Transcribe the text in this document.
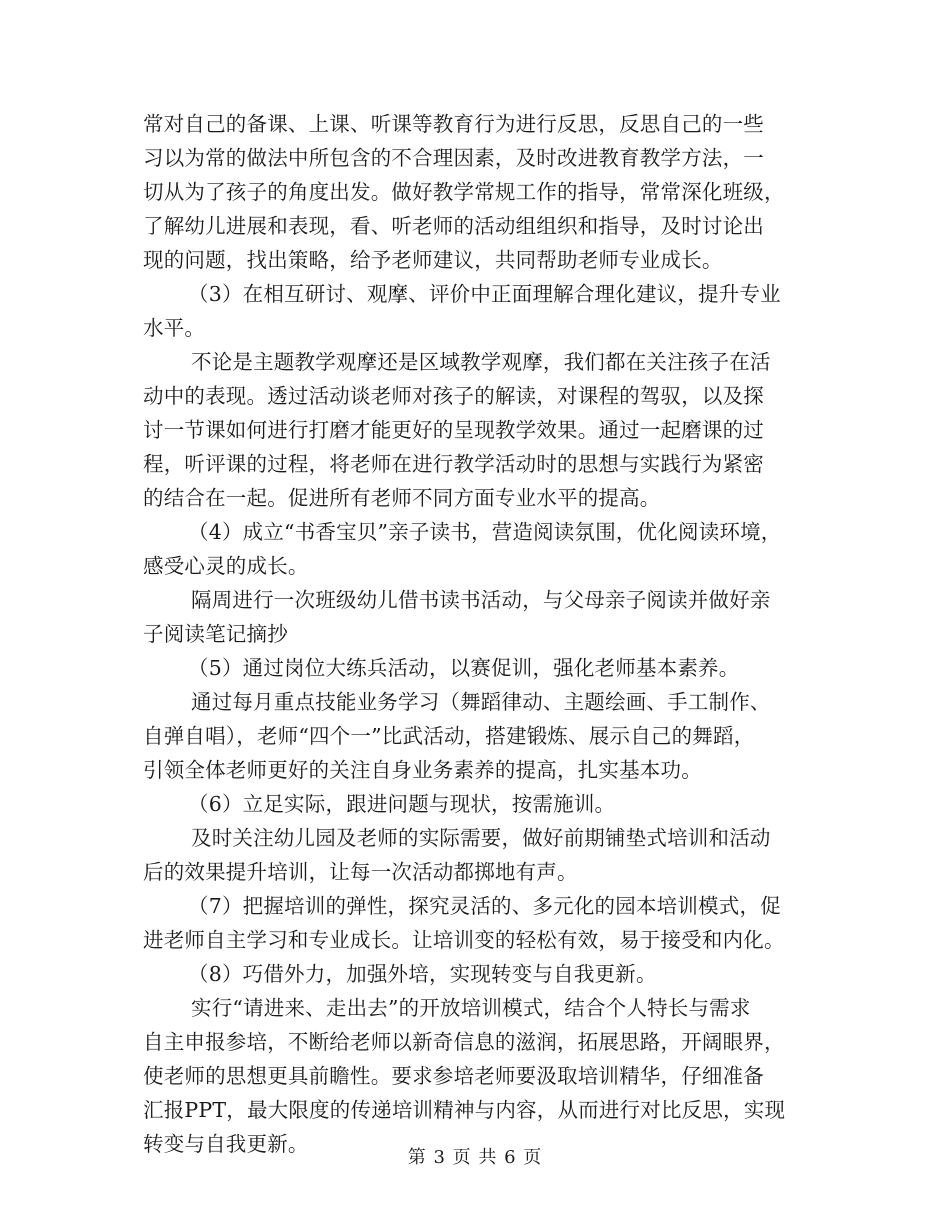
常对自己的备课、上课、听课等教育行为进行反思，反思自己的一些
习以为常的做法中所包含的不合理因素，及时改进教育教学方法，一
切从为了孩子的角度出发。做好教学常规工作的指导，常常深化班级，
了解幼儿进展和表现，看、听老师的活动组组织和指导，及时讨论出
现的问题，找出策略，给予老师建议，共同帮助老师专业成长。
（3）在相互研讨、观摩、评价中正面理解合理化建议，提升专业
水平。
不论是主题教学观摩还是区域教学观摩，我们都在关注孩子在活
动中的表现。透过活动谈老师对孩子的解读，对课程的驾驭，以及探
讨一节课如何进行打磨才能更好的呈现教学效果。通过一起磨课的过
程，听评课的过程，将老师在进行教学活动时的思想与实践行为紧密
的结合在一起。促进所有老师不同方面专业水平的提高。
（4）成立“书香宝贝”亲子读书，营造阅读氛围，优化阅读环境，
感受心灵的成长。
隔周进行一次班级幼儿借书读书活动，与父母亲子阅读并做好亲
子阅读笔记摘抄
（5）通过岗位大练兵活动，以赛促训，强化老师基本素养。
通过每月重点技能业务学习（舞蹈律动、主题绘画、手工制作、
自弹自唱），老师“四个一”比武活动，搭建锻炼、展示自己的舞蹈，
引领全体老师更好的关注自身业务素养的提高，扎实基本功。
（6）立足实际，跟进问题与现状，按需施训。
及时关注幼儿园及老师的实际需要，做好前期铺垫式培训和活动
后的效果提升培训，让每一次活动都掷地有声。
（7）把握培训的弹性，探究灵活的、多元化的园本培训模式，促
进老师自主学习和专业成长。让培训变的轻松有效，易于接受和内化。
（8）巧借外力，加强外培，实现转变与自我更新。
实行“请进来、走出去”的开放培训模式，结合个人特长与需求
自主申报参培，不断给老师以新奇信息的滋润，拓展思路，开阔眼界，
使老师的思想更具前瞻性。要求参培老师要汲取培训精华，仔细准备
汇报PPT，最大限度的传递培训精神与内容，从而进行对比反思，实现
转变与自我更新。
第 3 页 共 6 页
